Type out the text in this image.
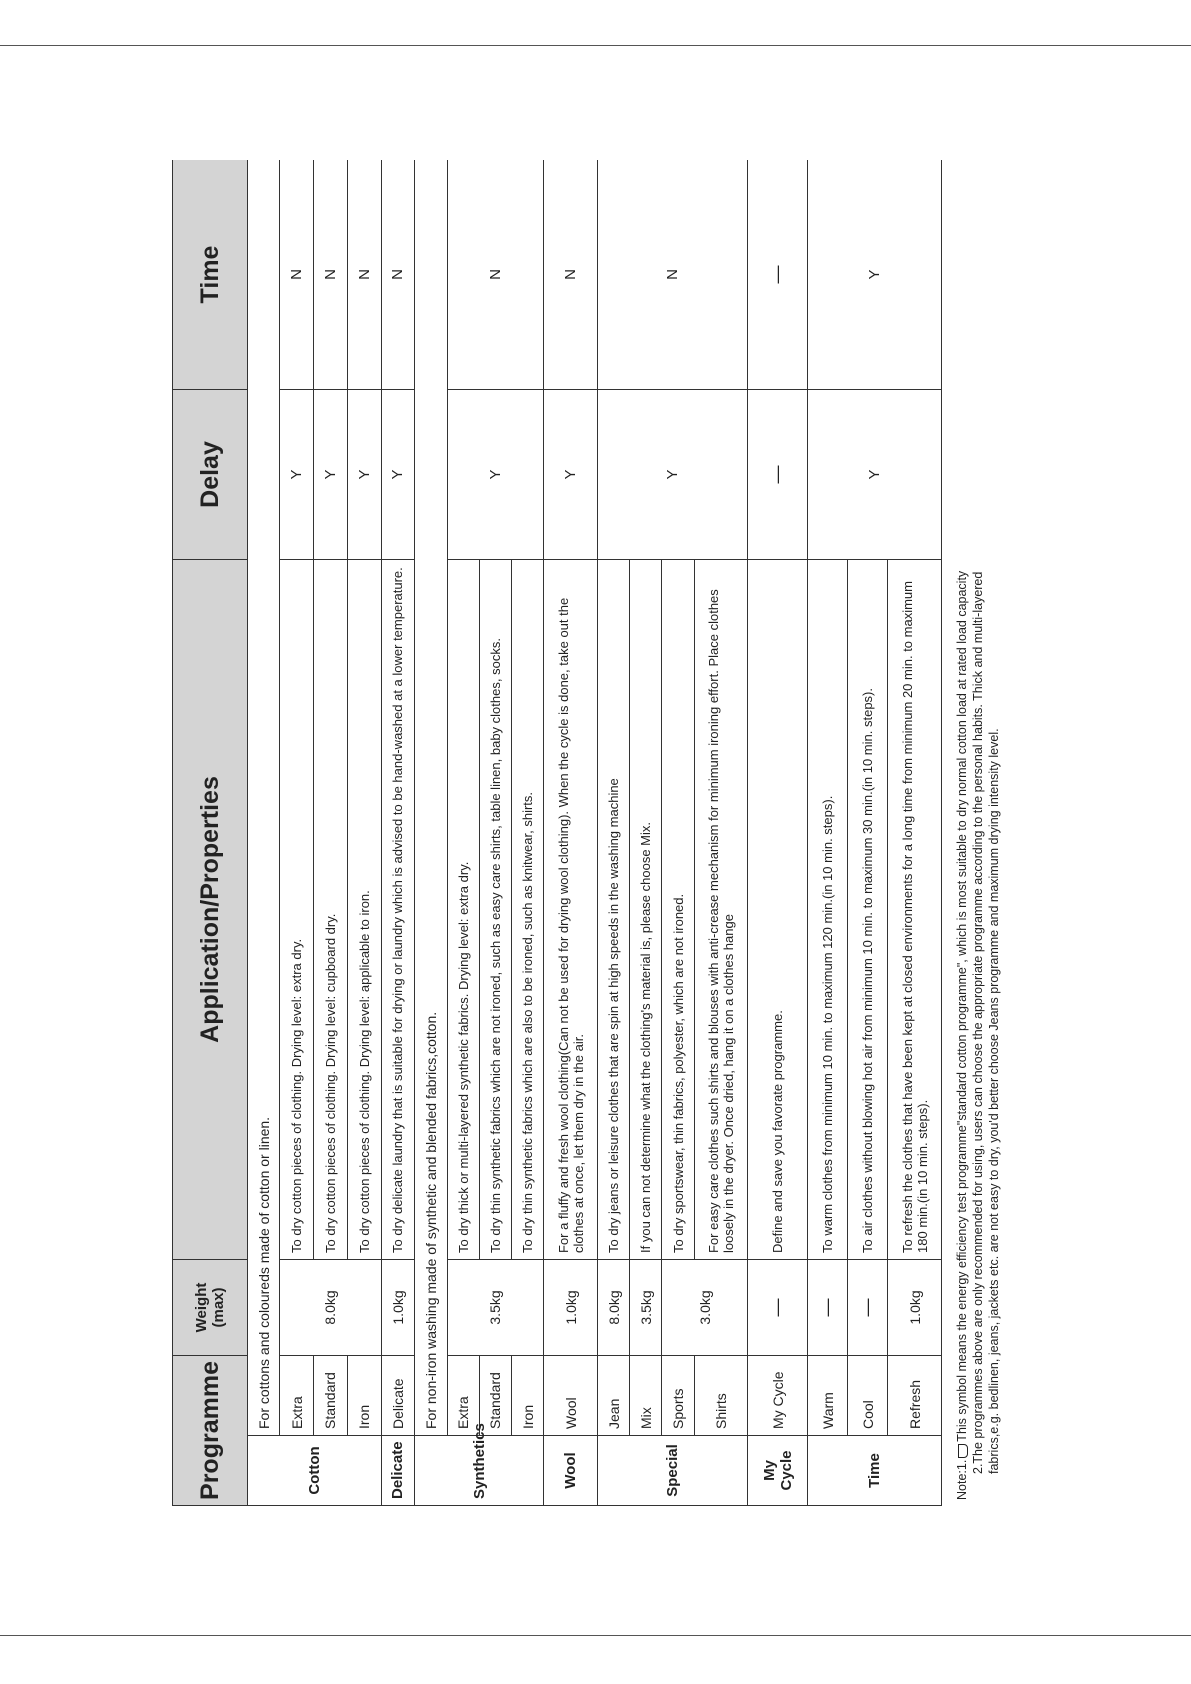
Programme		Weight (max)	Application/Properties	Delay	Time
Cotton	For cottons and coloureds made of cotton or linen.				
	Extra	8.0kg	To dry cotton pieces of clothing. Drying level: extra dry.	Y	N
	Standard		To dry cotton pieces of clothing. Drying level: cupboard dry.	Y	N
	Iron		To dry cotton pieces of clothing. Drying level: applicable to iron.	Y	N
Delicate	Delicate	1.0kg	To dry delicate laundry that is suitable for drying or laundry which is advised to be hand-washed at a lower temperature.	Y	N
Synthetics	For non-iron washing made of synthetic and blended fabrics,cotton.				
	Extra	3.5kg	To dry thick or multi-layered synthetic fabrics. Drying level: extra dry.	Y	N
	Standard		To dry thin synthetic fabrics which are not ironed, such as easy care shirts, table linen, baby clothes, socks.		
	Iron		To dry thin synthetic fabrics which are also to be ironed, such as knitwear, shirts.		
Wool	Wool	1.0kg	For a fluffy and fresh wool clothing(Can not be used for drying wool clothing). When the cycle is done, take out the clothes at once, let them dry in the air.	Y	N
Special	Jean	8.0kg	To dry jeans or leisure clothes that are spin at high speeds in the washing machine	Y	N
	Mix	3.5kg	If you can not determine what the clothing's material is, please choose Mix.		
	Sports	3.0kg	To dry sportswear, thin fabrics, polyester, which are not ironed.		
	Shirts		For easy care clothes such shirts and blouses with anti-crease mechanism for minimum ironing effort. Place clothes loosely in the dryer. Once dried, hang it on a clothes hange		
My Cycle	My Cycle	—	Define and save you favorate programme.	—	—
Time	Warm	—	To warm clothes from minimum 10 min. to maximum 120 min.(in 10 min. steps).	Y	Y
	Cool	—	To air clothes without blowing hot air from minimum 10 min. to maximum 30 min.(in 10 min. steps).		
	Refresh	1.0kg	To refresh the clothes that have been kept at closed environments for a long time from minimum 20 min. to maximum 180 min.(in 10 min. steps).		
Note:1.This symbol means the energy efficiency test programme"standard cotton programme", which is most suitable to dry normal cotton load at rated load capacity 2.The programmes above are only recommended for using, users can choose the appropriate programme according to the personal habits. Thick and multi-layered fabrics,e.g. bedlinen, jeans, jackets etc. are not easy to dry, you'd better choose Jeans programme and maximum drying intensity level.
